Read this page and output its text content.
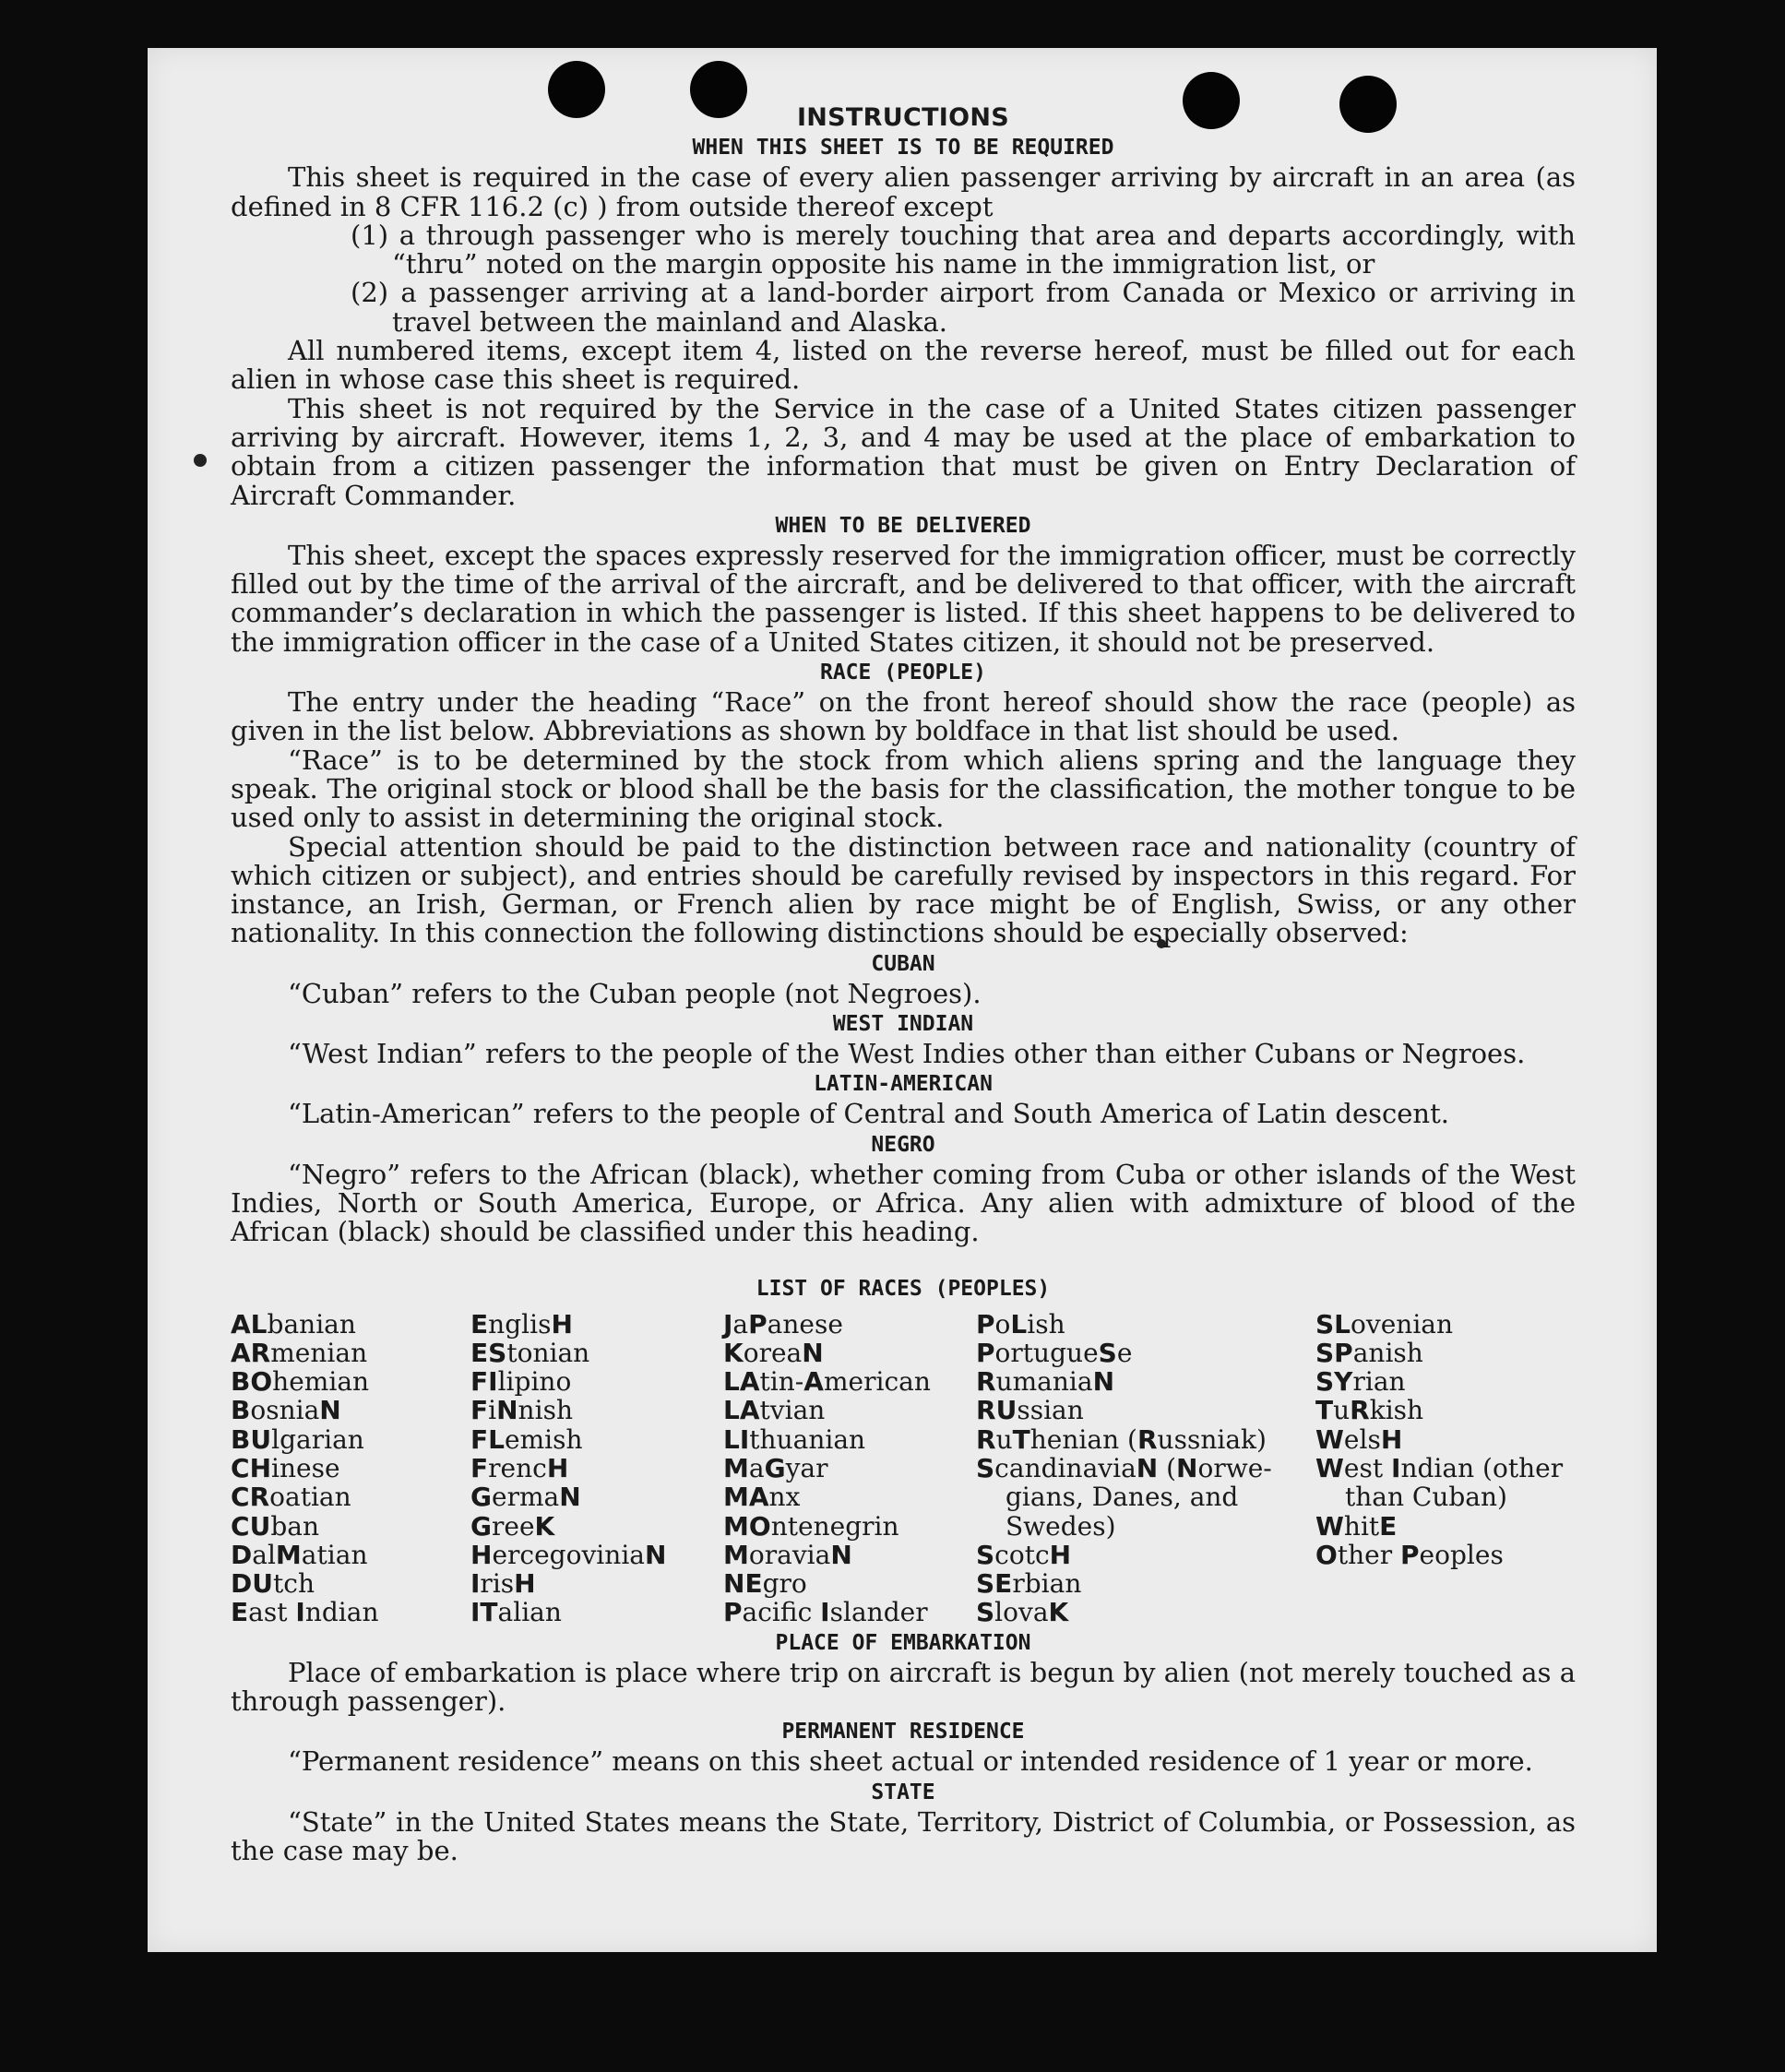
INSTRUCTIONS
WHEN THIS SHEET IS TO BE REQUIRED

This sheet is required in the case of every alien passenger arriving by aircraft in an area (as defined in 8 CFR 116.2 (c) ) from outside thereof except

(1) a through passenger who is merely touching that area and departs accordingly, with “thru” noted on the margin opposite his name in the immigration list, or

(2) a passenger arriving at a land-border airport from Canada or Mexico or arriving in travel between the mainland and Alaska.

All numbered items, except item 4, listed on the reverse hereof, must be filled out for each alien in whose case this sheet is required.

This sheet is not required by the Service in the case of a United States citizen passenger arriving by aircraft. However, items 1, 2, 3, and 4 may be used at the place of embarkation to obtain from a citizen passenger the information that must be given on Entry Declaration of Aircraft Commander.

WHEN TO BE DELIVERED

This sheet, except the spaces expressly reserved for the immigration officer, must be correctly filled out by the time of the arrival of the aircraft, and be delivered to that officer, with the aircraft commander’s declaration in which the passenger is listed. If this sheet happens to be delivered to the immigration officer in the case of a United States citizen, it should not be preserved.

RACE (PEOPLE)

The entry under the heading “Race” on the front hereof should show the race (people) as given in the list below. Abbreviations as shown by boldface in that list should be used.

“Race” is to be determined by the stock from which aliens spring and the language they speak. The original stock or blood shall be the basis for the classification, the mother tongue to be used only to assist in determining the original stock.

Special attention should be paid to the distinction between race and nationality (country of which citizen or subject), and entries should be carefully revised by inspectors in this regard. For instance, an Irish, German, or French alien by race might be of English, Swiss, or any other nationality. In this connection the following distinctions should be especially observed:

CUBAN

“Cuban” refers to the Cuban people (not Negroes).

WEST INDIAN

“West Indian” refers to the people of the West Indies other than either Cubans or Negroes.

LATIN-AMERICAN

“Latin-American” refers to the people of Central and South America of Latin descent.

NEGRO

“Negro” refers to the African (black), whether coming from Cuba or other islands of the West Indies, North or South America, Europe, or Africa. Any alien with admixture of blood of the African (black) should be classified under this heading.

LIST OF RACES (PEOPLES)
ALbanian
ARmenian
BOhemian
BosniaN
BUlgarian
CHinese
CRoatian
CUban
DalMatian
DUtch
East Indian
EnglisH
EStonian
FIlipino
FiNnish
FLemish
FrencH
GermaN
GreeK
HercegoviniaN
IrisH
ITalian
JaPanese
KoreaN
LAtin-American
LAtvian
LIthuanian
MaGyar
MAnx
MOntenegrin
MoraviaN
NEgro
Pacifc Islander
PoLish
PortugueSe
RumaniaN
RUssian
RuThenian (Russniak)
ScandinaviaN (Norwe-
gians, Danes, and
Swedes)
ScotcH
SErbian
SlovaK
SLovenian
SPanish
SYrian
TuRkish
WelsH
West Indian (other
than Cuban)
WhitE
Other Peoples
PLACE OF EMBARKATION

Place of embarkation is place where trip on aircraft is begun by alien (not merely touched as a through passenger).

PERMANENT RESIDENCE

“Permanent residence” means on this sheet actual or intended residence of 1 year or more.

STATE

“State” in the United States means the State, Territory, District of Columbia, or Possession, as the case may be.
